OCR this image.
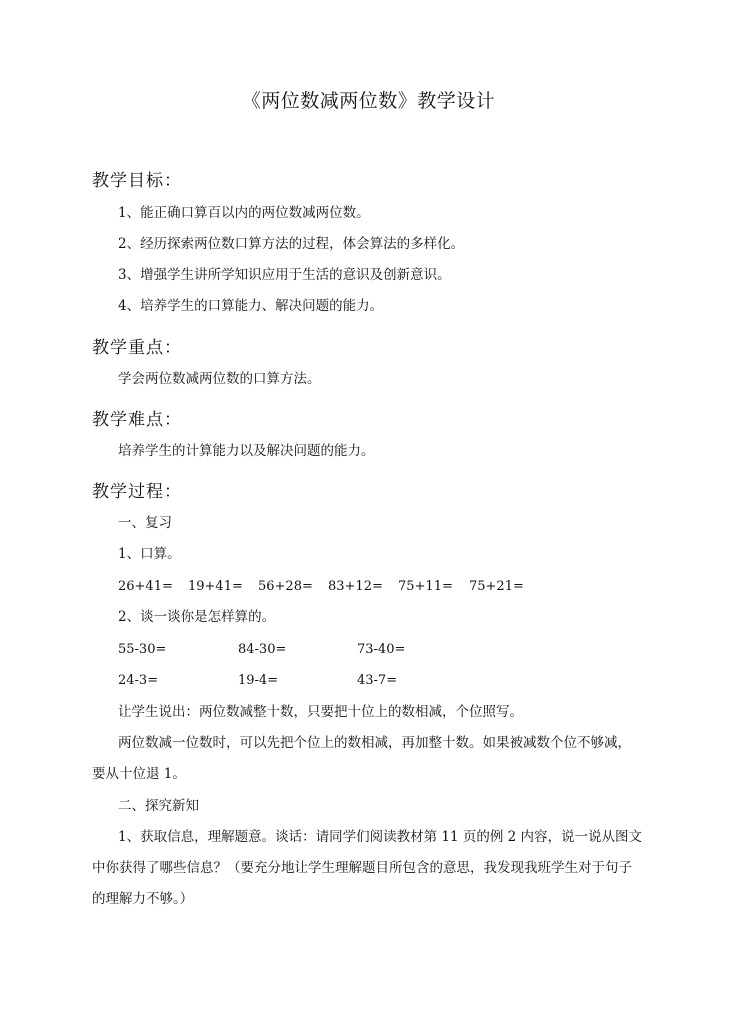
《两位数减两位数》教学设计
教学目标：
1、能正确口算百以内的两位数减两位数。
2、经历探索两位数口算方法的过程，体会算法的多样化。
3、增强学生讲所学知识应用于生活的意识及创新意识。
4、培养学生的口算能力、解决问题的能力。
教学重点：
学会两位数减两位数的口算方法。
教学难点：
培养学生的计算能力以及解决问题的能力。
教学过程：
一、复习
1、口算。
26+41= 19+41= 56+28= 83+12= 75+11= 75+21=
2、谈一谈你是怎样算的。
55-30=	84-30=	73-40=
24-3=	19-4=	43-7=
让学生说出：两位数减整十数，只要把十位上的数相减，个位照写。
两位数减一位数时，可以先把个位上的数相减，再加整十数。如果被减数个位不够减，
要从十位退 1。
二、探究新知
1、获取信息，理解题意。谈话：请同学们阅读教材第 11 页的例 2 内容，说一说从图文
中你获得了哪些信息？（要充分地让学生理解题目所包含的意思，我发现我班学生对于句子
的理解力不够。）
